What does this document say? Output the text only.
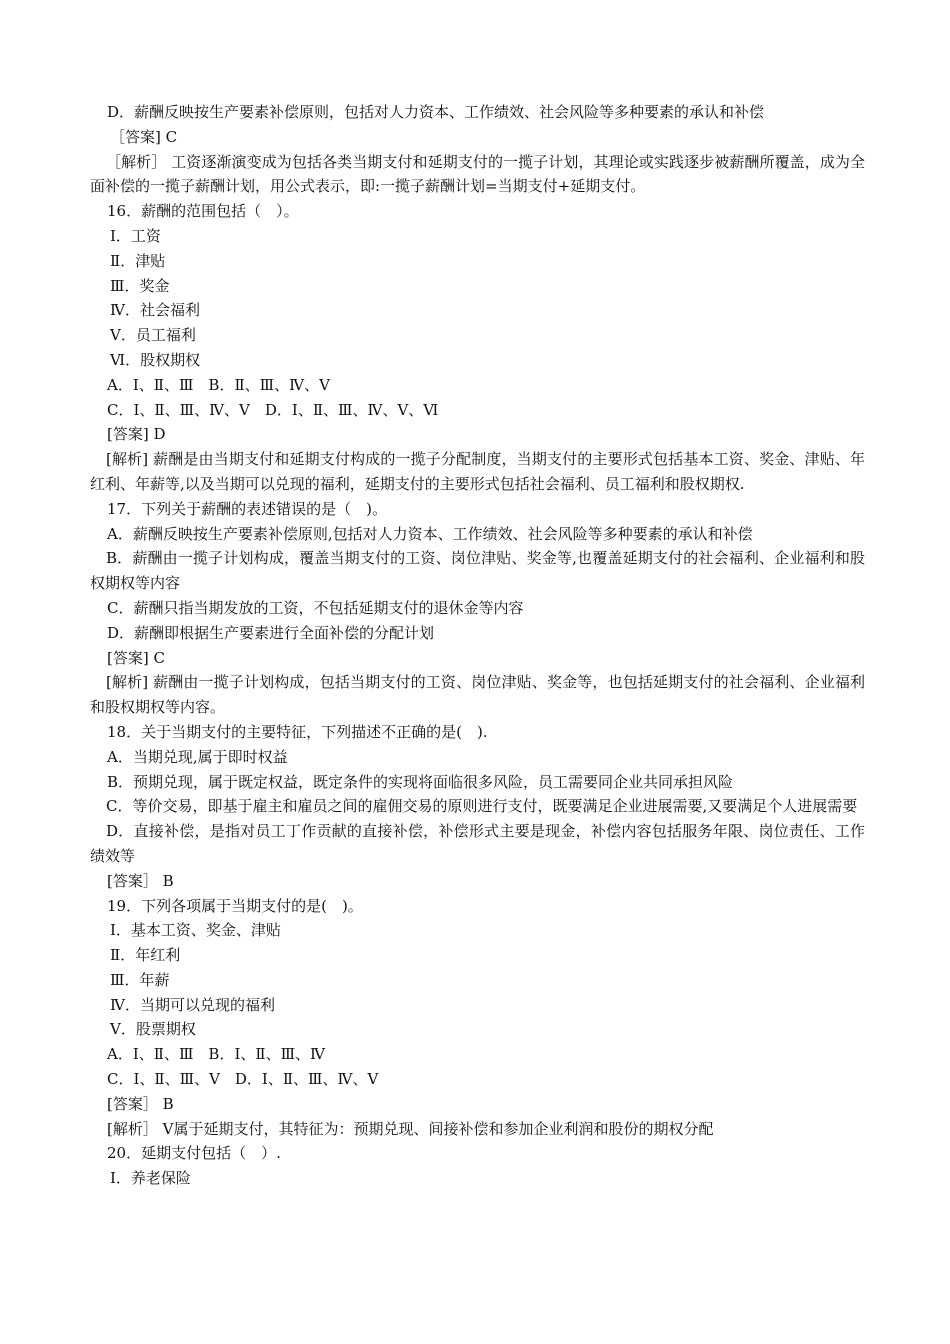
D．薪酬反映按生产要素补偿原则，包括对人力资本、工作绩效、社会风险等多种要素的承认和补偿

［答案] C

［解析］ 工资逐渐演变成为包括各类当期支付和延期支付的一揽子计划，其理论或实践逐步被薪酬所覆盖，成为全面补偿的一揽子薪酬计划，用公式表示，即:一揽子薪酬计划=当期支付+延期支付。

16．薪酬的范围包括（　）。

Ⅰ．工资

Ⅱ．津贴

Ⅲ．奖金

Ⅳ．社会福利

Ⅴ．员工福利

Ⅵ．股权期权

A．Ⅰ、Ⅱ、Ⅲ　B．Ⅱ、Ⅲ、Ⅳ、Ⅴ

C．Ⅰ、Ⅱ、Ⅲ、Ⅳ、Ⅴ　D．Ⅰ、Ⅱ、Ⅲ、Ⅳ、Ⅴ、Ⅵ

[答案] D

[解析] 薪酬是由当期支付和延期支付构成的一揽子分配制度，当期支付的主要形式包括基本工资、奖金、津贴、年红利、年薪等,以及当期可以兑现的福利，延期支付的主要形式包括社会福利、员工福利和股权期权.

17．下列关于薪酬的表述错误的是（　)。

A．薪酬反映按生产要素补偿原则,包括对人力资本、工作绩效、社会风险等多种要素的承认和补偿

B．薪酬由一揽子计划构成，覆盖当期支付的工资、岗位津贴、奖金等,也覆盖延期支付的社会福利、企业福利和股权期权等内容

C．薪酬只指当期发放的工资，不包括延期支付的退休金等内容

D．薪酬即根据生产要素进行全面补偿的分配计划

[答案] C

[解析] 薪酬由一揽子计划构成，包括当期支付的工资、岗位津贴、奖金等，也包括延期支付的社会福利、企业福利和股权期权等内容。

18．关于当期支付的主要特征，下列描述不正确的是(　).

A．当期兑现,属于即时权益

B．预期兑现，属于既定权益，既定条件的实现将面临很多风险，员工需要同企业共同承担风险

C．等价交易，即基于雇主和雇员之间的雇佣交易的原则进行支付，既要满足企业进展需要,又要满足个人进展需要

D．直接补偿，是指对员工丁作贡献的直接补偿，补偿形式主要是现金，补偿内容包括服务年限、岗位责任、工作绩效等

[答案］ B

19．下列各项属于当期支付的是(　)。

Ⅰ．基本工资、奖金、津贴

Ⅱ．年红利

Ⅲ．年薪

Ⅳ．当期可以兑现的福利

Ⅴ．股票期权

A．Ⅰ、Ⅱ、Ⅲ　B．Ⅰ、Ⅱ、Ⅲ、Ⅳ

C．Ⅰ、Ⅱ、Ⅲ、Ⅴ　D．Ⅰ、Ⅱ、Ⅲ、Ⅳ、Ⅴ

[答案］ B

[解析］ Ⅴ属于延期支付，其特征为：预期兑现、间接补偿和参加企业利润和股份的期权分配

20．延期支付包括（　）.

Ⅰ．养老保险
